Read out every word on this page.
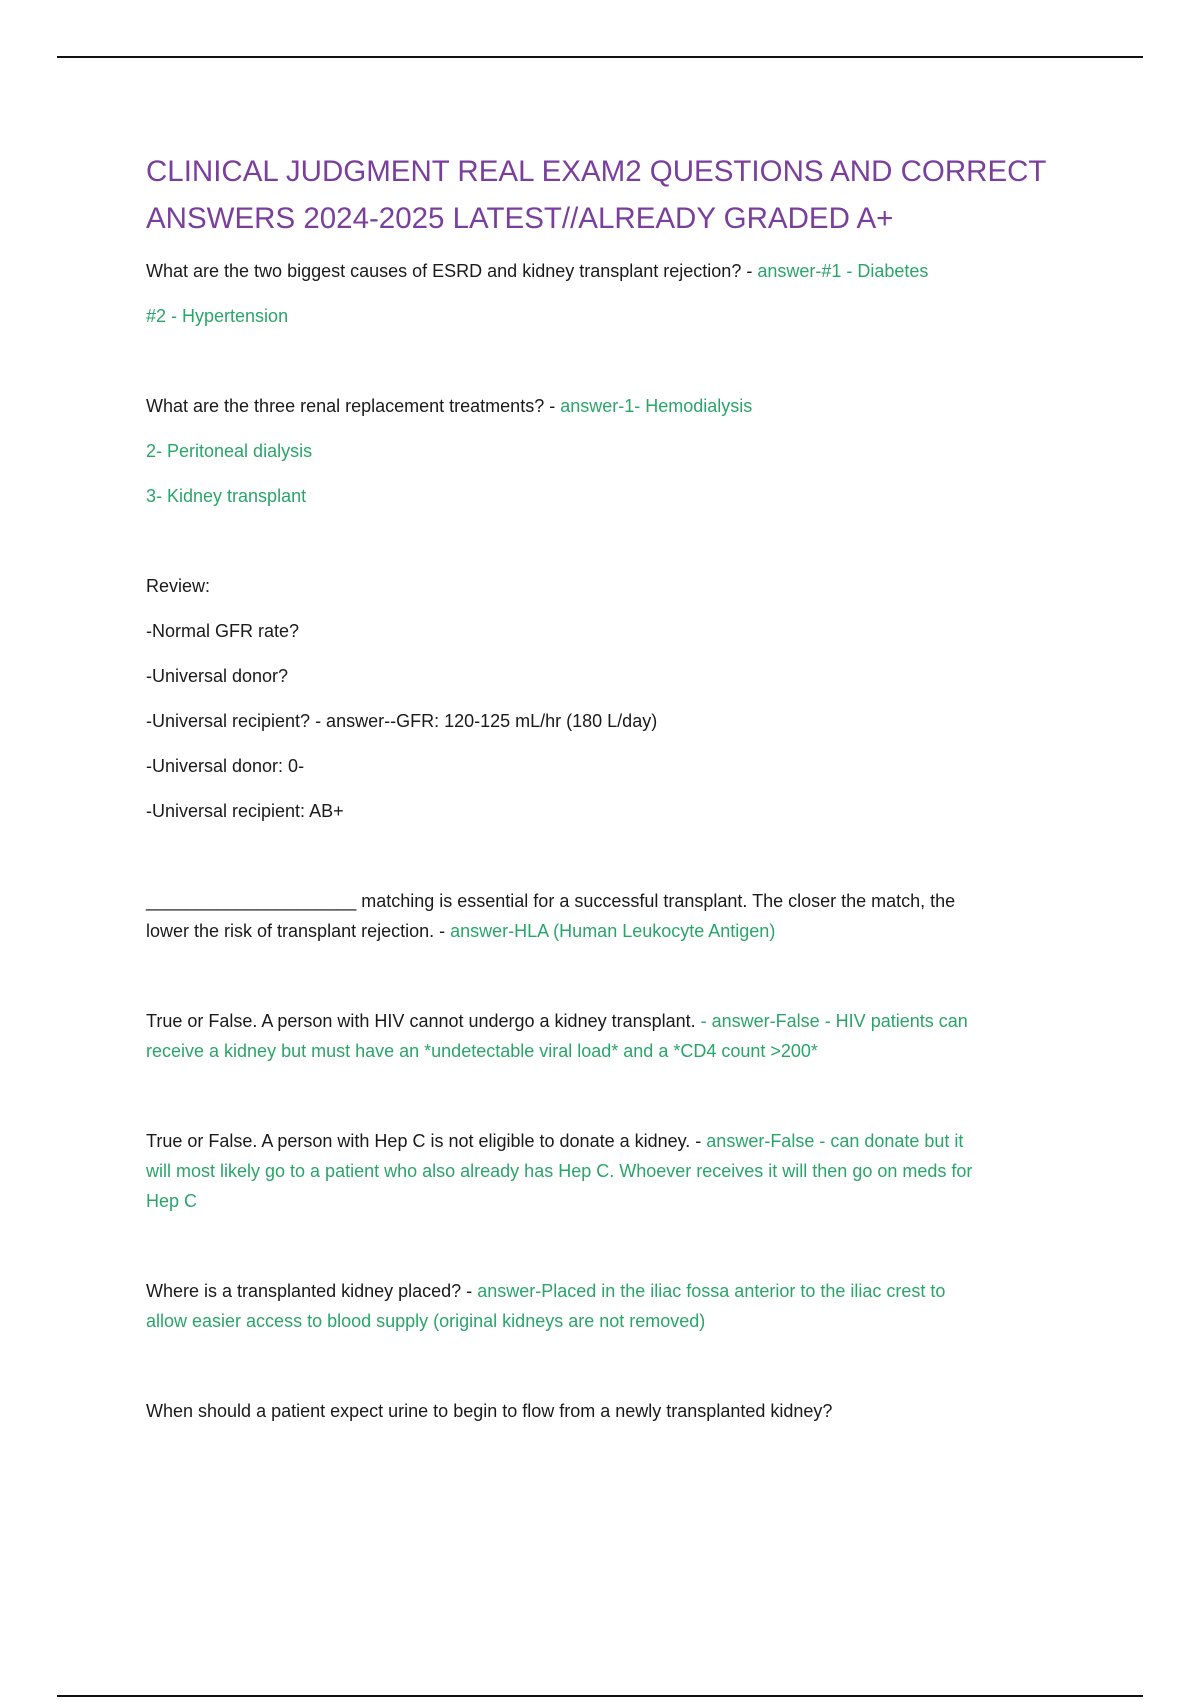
CLINICAL JUDGMENT REAL EXAM2 QUESTIONS AND CORRECT
ANSWERS 2024-2025 LATEST//ALREADY GRADED A+

What are the two biggest causes of ESRD and kidney transplant rejection? - answer-#1 - Diabetes

#2 - Hypertension

What are the three renal replacement treatments? - answer-1- Hemodialysis

2- Peritoneal dialysis

3- Kidney transplant

Review:

-Normal GFR rate?

-Universal donor?

-Universal recipient? - answer--GFR: 120-125 mL/hr (180 L/day)

-Universal donor: 0-

-Universal recipient: AB+

_____________________ matching is essential for a successful transplant. The closer the match, the

lower the risk of transplant rejection. - answer-HLA (Human Leukocyte Antigen)

True or False. A person with HIV cannot undergo a kidney transplant. - answer-False - HIV patients can

receive a kidney but must have an *undetectable viral load* and a *CD4 count >200*

True or False. A person with Hep C is not eligible to donate a kidney. - answer-False - can donate but it

will most likely go to a patient who also already has Hep C. Whoever receives it will then go on meds for

Hep C

Where is a transplanted kidney placed? - answer-Placed in the iliac fossa anterior to the iliac crest to

allow easier access to blood supply (original kidneys are not removed)

When should a patient expect urine to begin to flow from a newly transplanted kidney?
